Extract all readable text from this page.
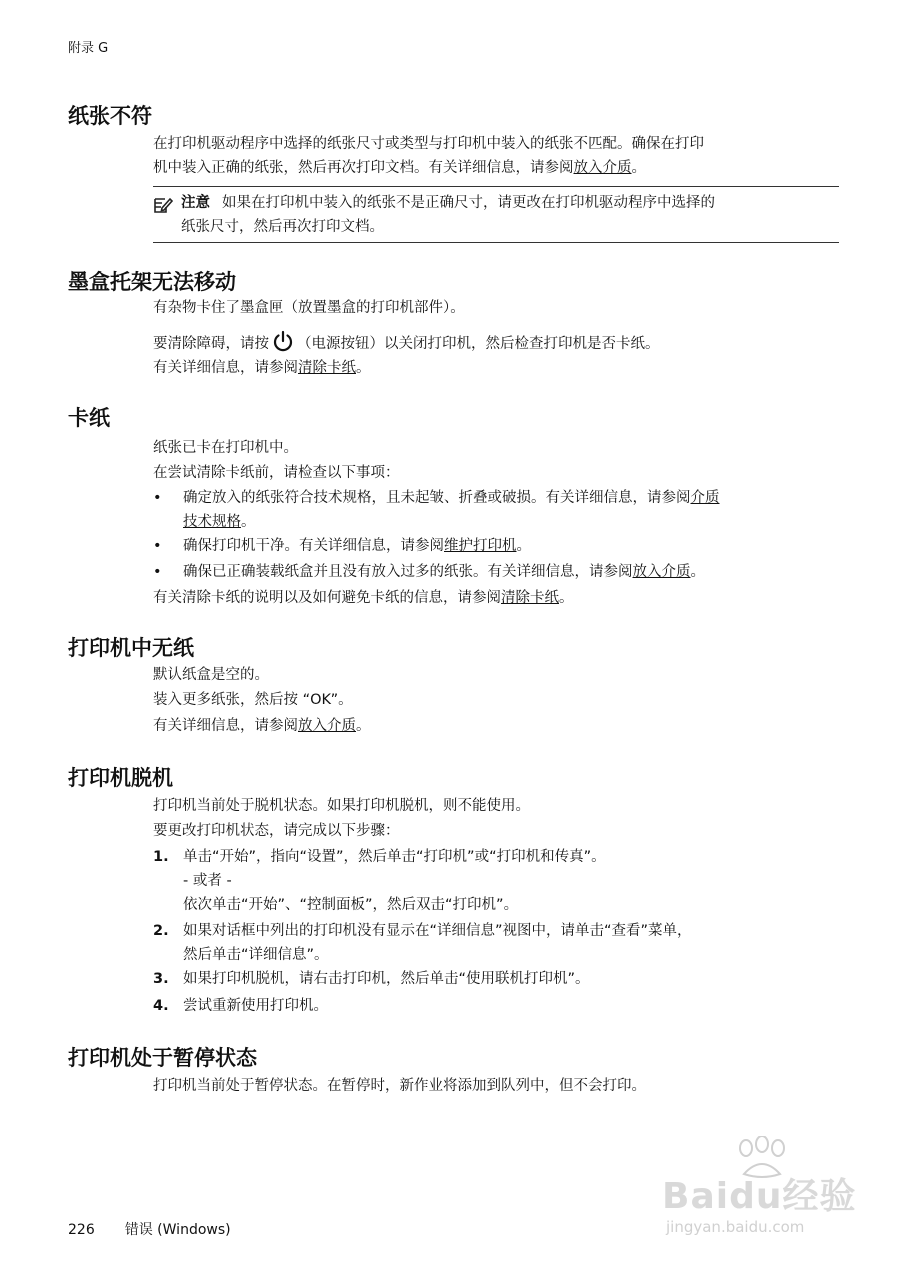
附录 G
纸张不符

在打印机驱动程序中选择的纸张尺寸或类型与打印机中装入的纸张不匹配。确保在打印
机中装入正确的纸张，然后再次打印文档。有关详细信息，请参阅放入介质。

注意 如果在打印机中装入的纸张不是正确尺寸，请更改在打印机驱动程序中选择的
纸张尺寸，然后再次打印文档。
墨盒托架无法移动

有杂物卡住了墨盒匣（放置墨盒的打印机部件）。

要清除障碍，请按 （电源按钮）以关闭打印机，然后检查打印机是否卡纸。

有关详细信息，请参阅清除卡纸。

卡纸

纸张已卡在打印机中。

在尝试清除卡纸前，请检查以下事项：

•	确定放入的纸张符合技术规格，且未起皱、折叠或破损。有关详细信息，请参阅介质
技术规格。
•	确保打印机干净。有关详细信息，请参阅维护打印机。
•	确保已正确装载纸盒并且没有放入过多的纸张。有关详细信息，请参阅放入介质。

有关清除卡纸的说明以及如何避免卡纸的信息，请参阅清除卡纸。

打印机中无纸

默认纸盒是空的。

装入更多纸张，然后按 “OK”。

有关详细信息，请参阅放入介质。

打印机脱机

打印机当前处于脱机状态。如果打印机脱机，则不能使用。

要更改打印机状态，请完成以下步骤：

1. 单击“开始”，指向“设置”，然后单击“打印机”或“打印机和传真”。
- 或者 -
依次单击“开始”、“控制面板”，然后双击“打印机”。
2. 如果对话框中列出的打印机没有显示在“详细信息”视图中，请单击“查看”菜单，
然后单击“详细信息”。
3. 如果打印机脱机，请右击打印机，然后单击“使用联机打印机”。
4. 尝试重新使用打印机。
打印机处于暂停状态

打印机当前处于暂停状态。在暂停时，新作业将添加到队列中，但不会打印。

Baidu经验
jingyan.baidu.com
226 错误 (Windows)
